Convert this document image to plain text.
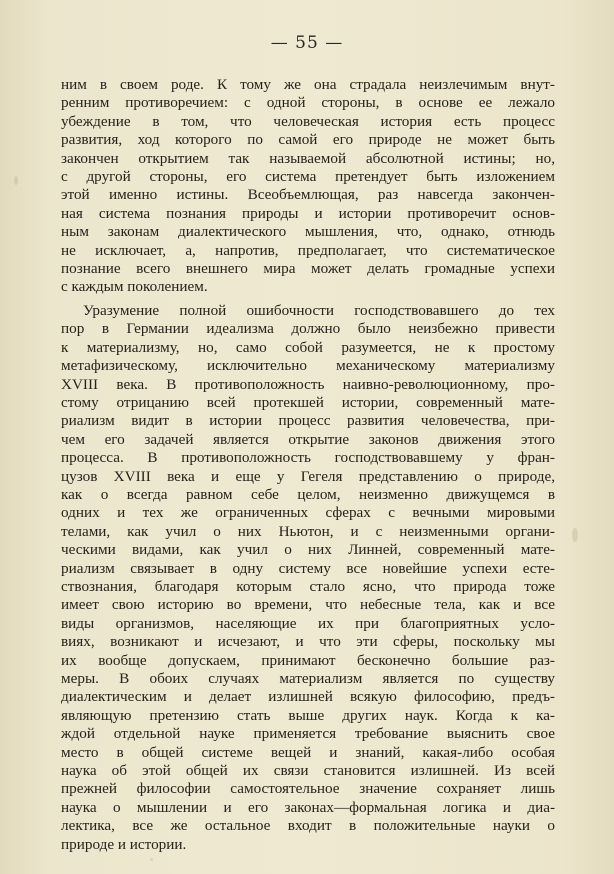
— 55 —

ним в своем роде. К тому же она страдала неизлечимым внут-
ренним противоречием: с одной стороны, в основе ее лежало
убеждение в том, что человеческая история есть процесс
развития, ход которого по самой его природе не может быть
закончен открытием так называемой абсолютной истины; но,
с другой стороны, его система претендует быть изложением
этой именно истины. Всеобъемлющая, раз навсегда закончен-
ная система познания природы и истории противоречит основ-
ным законам диалектического мышления, что, однако, отнюдь
не исключает, а, напротив, предполагает, что систематическое
познание всего внешнего мира может делать громадные успехи
с каждым поколением.

Уразумение полной ошибочности господствовавшего до тех
пор в Германии идеализма должно было неизбежно привести
к материализму, но, само собой разумеется, не к простому
метафизическому, исключительно механическому материализму
XVIII века. В противоположность наивно-революционному, про-
стому отрицанию всей протекшей истории, современный мате-
риализм видит в истории процесс развития человечества, при-
чем его задачей является открытие законов движения этого
процесса. В противоположность господствовавшему у фран-
цузов XVIII века и еще у Гегеля представлению о природе,
как о всегда равном себе целом, неизменно движущемся в
одних и тех же ограниченных сферах с вечными мировыми
телами, как учил о них Ньютон, и с неизменными органи-
ческими видами, как учил о них Линней, современный мате-
риализм связывает в одну систему все новейшие успехи есте-
ствознания, благодаря которым стало ясно, что природа тоже
имеет свою историю во времени, что небесные тела, как и все
виды организмов, населяющие их при благоприятных усло-
виях, возникают и исчезают, и что эти сферы, поскольку мы
их вообще допускаем, принимают бесконечно большие раз-
меры. В обоих случаях материализм является по существу
диалектическим и делает излишней всякую философию, предъ-
являющую претензию стать выше других наук. Когда к ка-
ждой отдельной науке применяется требование выяснить свое
место в общей системе вещей и знаний, какая-либо особая
наука об этой общей их связи становится излишней. Из всей
прежней философии самостоятельное значение сохраняет лишь
наука о мышлении и его законах—формальная логика и диа-
лектика, все же остальное входит в положительные науки о
природе и истории.
